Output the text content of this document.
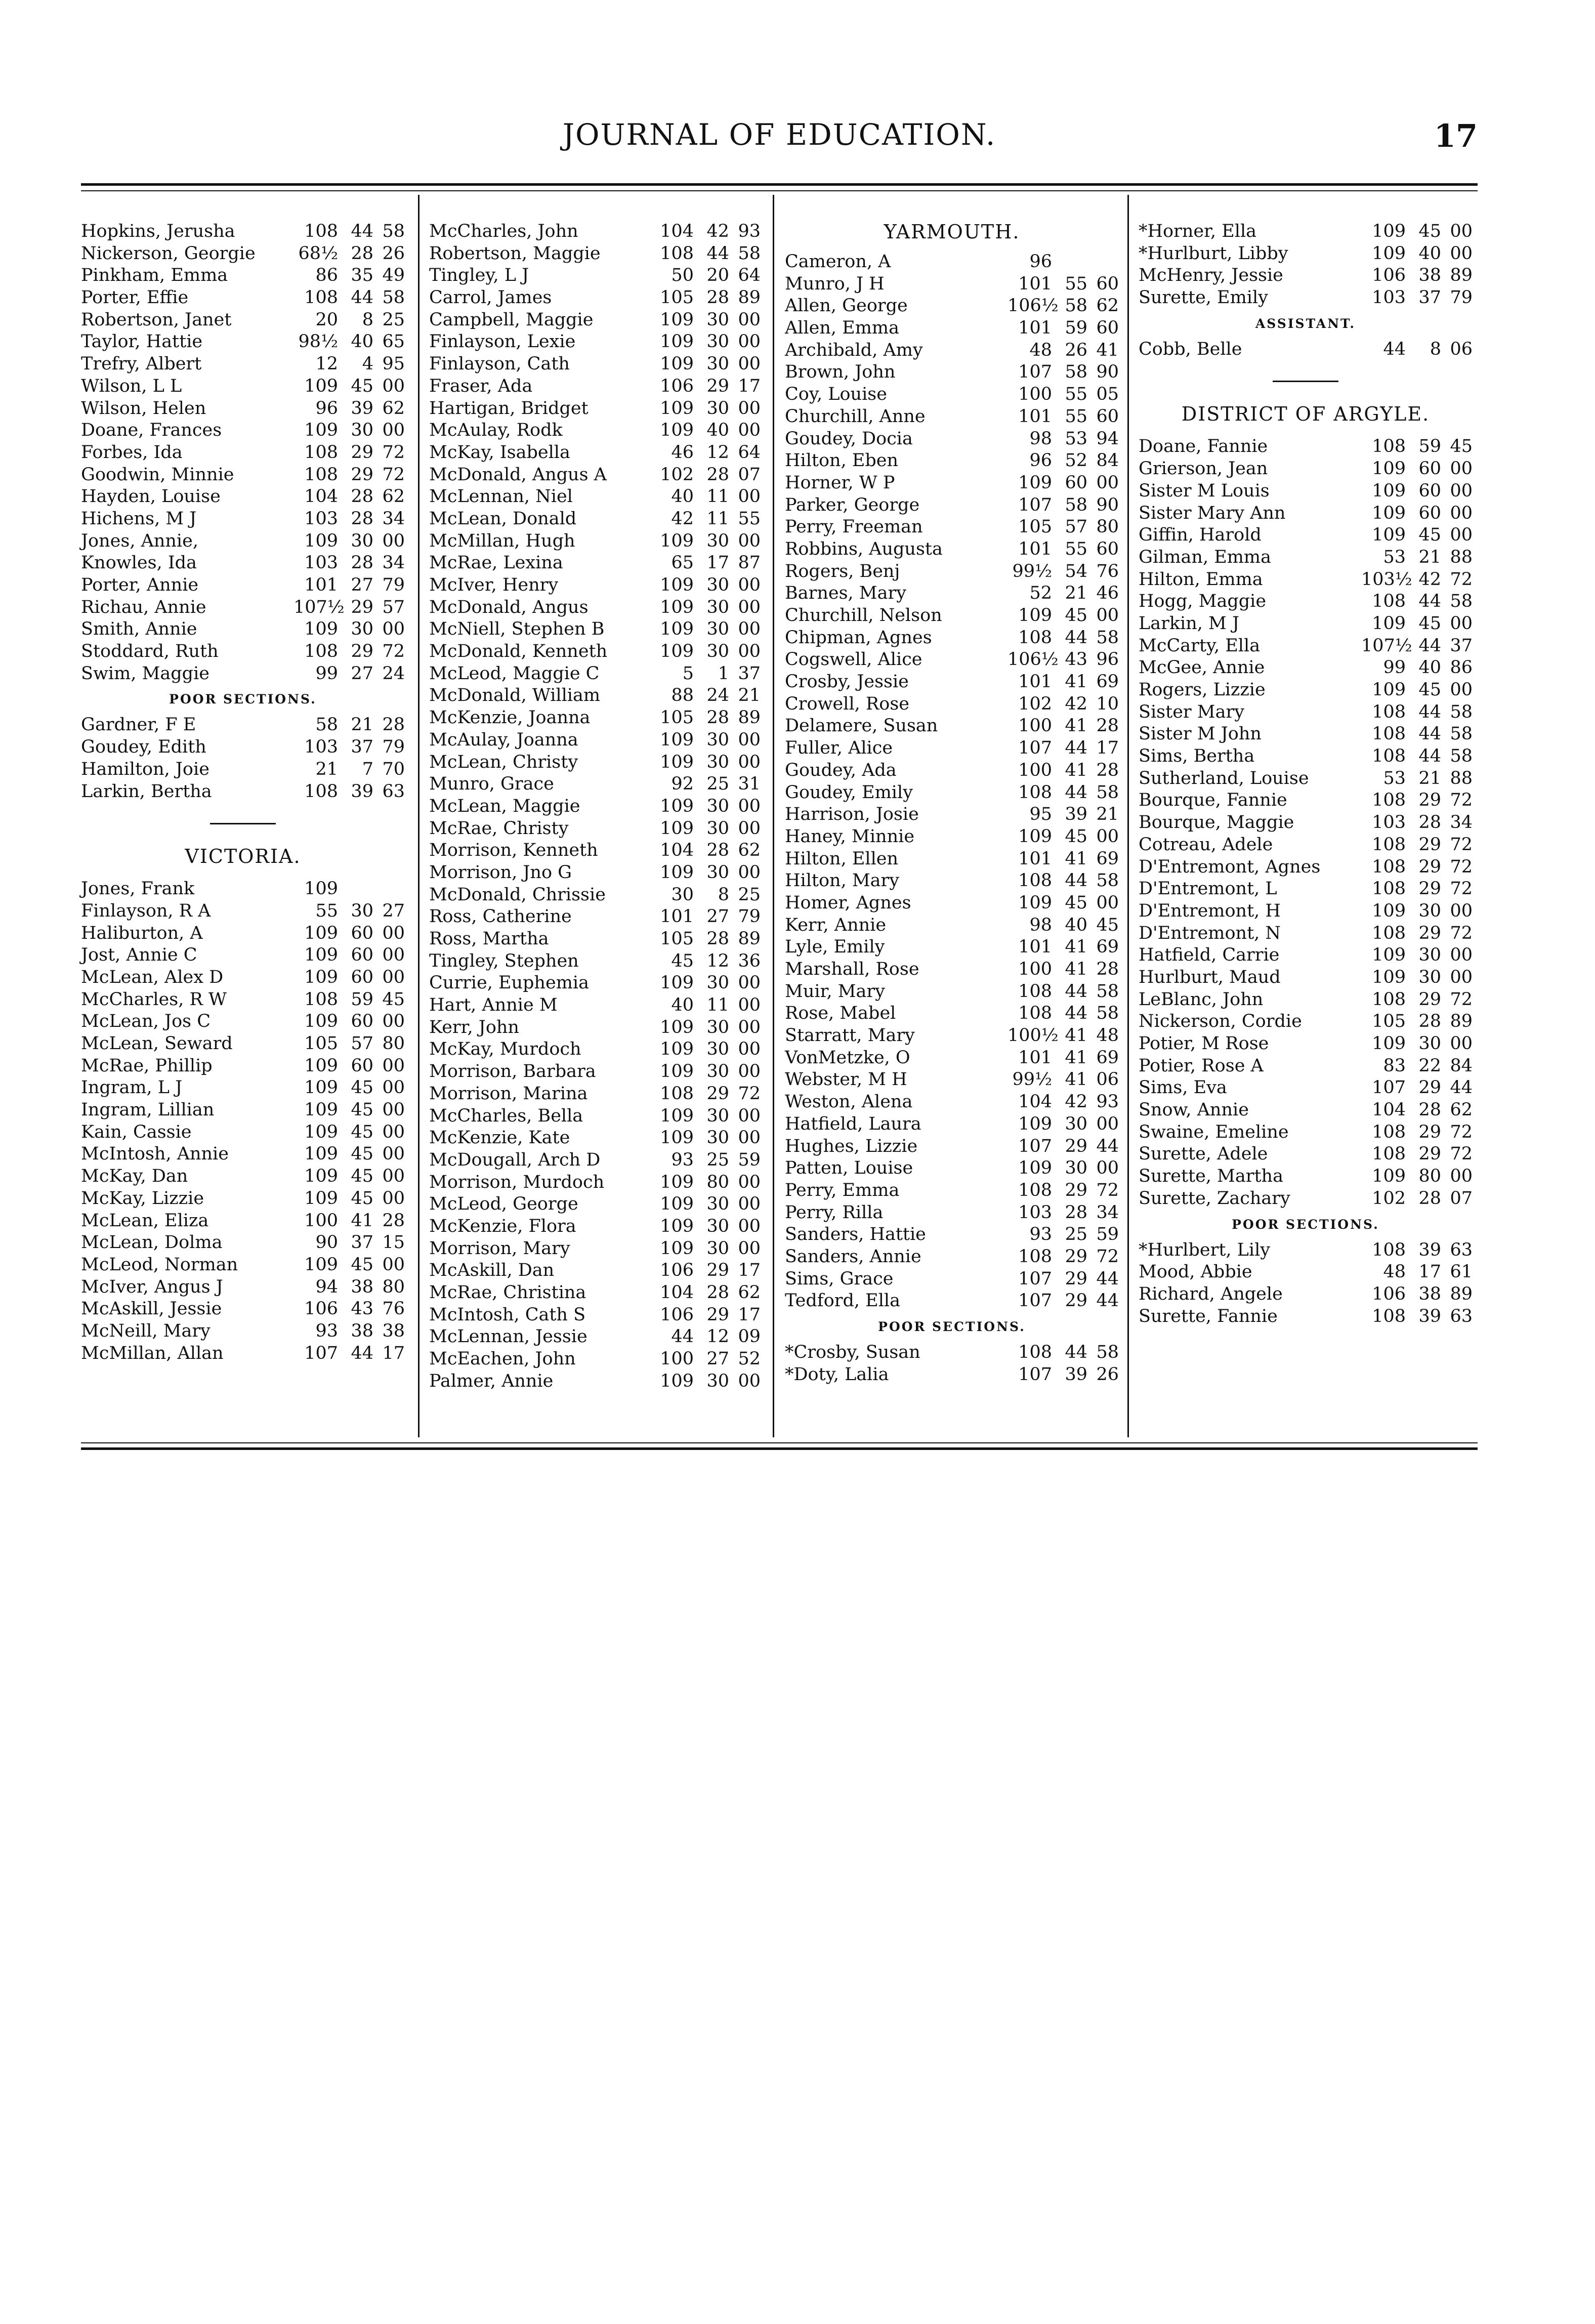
JOURNAL OF EDUCATION.	17
Hopkins, Jerusha	108 44 58
Nickerson, Georgie	68½ 28 26
Pinkham, Emma	86 35 49
Porter, Effie	108 44 58
Robertson, Janet	20	8 25
Taylor, Hattie	98½ 40 65
Trefry, Albert	12	4 95
Wilson, L L	109 45 00
Wilson, Helen	96 39 62
Doane, Frances	109 30 00
Forbes, Ida	108 29 72
Goodwin, Minnie	108 29 72
Hayden, Louise	104 28 62
Hichens, M J	103 28 34
Jones, Annie,	109 30 00
Knowles, Ida	103 28 34
Porter, Annie	101 27 79
Richau, Annie	107½ 29 57
Smith, Annie	109 30 00
Stoddard, Ruth	108 29 72
Swim, Maggie	99 27 24
POOR SECTIONS.
Gardner, F E	58 21 28
Goudey, Edith	103 37 79
Hamilton, Joie	21	7 70
Larkin, Bertha	108 39 63
VICTORIA.
Jones, Frank	109
Finlayson, R A	55 30 27
Haliburton, A	109 60 00
Jost, Annie C	109 60 00
McLean, Alex D	109 60 00
McCharles, R W	108 59 45
McLean, Jos C	109 60 00
McLean, Seward	105 57 80
McRae, Phillip	109 60 00
Ingram, L J	109 45 00
Ingram, Lillian	109 45 00
Kain, Cassie	109 45 00
McIntosh, Annie	109 45 00
McKay, Dan	109 45 00
McKay, Lizzie	109 45 00
McLean, Eliza	100 41 28
McLean, Dolma	90 37 15
McLeod, Norman	109 45 00
McIver, Angus J	94 38 80
McAskill, Jessie	106 43 76
McNeill, Mary	93 38 38
McMillan, Allan	107 44 17
McCharles, John	104 42 93
Robertson, Maggie	108 44 58
Tingley, L J	50 20 64
Carrol, James	105 28 89
Campbell, Maggie	109 30 00
Finlayson, Lexie	109 30 00
Finlayson, Cath	109 30 00
Fraser, Ada	106 29 17
Hartigan, Bridget	109 30 00
McAulay, Rodk	109 40 00
McKay, Isabella	46 12 64
McDonald, Angus A	102 28 07
McLennan, Niel	40 11 00
McLean, Donald	42 11 55
McMillan, Hugh	109 30 00
McRae, Lexina	65 17 87
McIver, Henry	109 30 00
McDonald, Angus	109 30 00
McNiell, Stephen B	109 30 00
McDonald, Kenneth	109 30 00
McLeod, Maggie C	5	1 37
McDonald, William	88 24 21
McKenzie, Joanna	105 28 89
McAulay, Joanna	109 30 00
McLean, Christy	109 30 00
Munro, Grace	92 25 31
McLean, Maggie	109 30 00
McRae, Christy	109 30 00
Morrison, Kenneth	104 28 62
Morrison, Jno G	109 30 00
McDonald, Chrissie	30	8 25
Ross, Catherine	101 27 79
Ross, Martha	105 28 89
Tingley, Stephen	45 12 36
Currie, Euphemia	109 30 00
Hart, Annie M	40 11 00
Kerr, John	109 30 00
McKay, Murdoch	109 30 00
Morrison, Barbara	109 30 00
Morrison, Marina	108 29 72
McCharles, Bella	109 30 00
McKenzie, Kate	109 30 00
McDougall, Arch D	93 25 59
Morrison, Murdoch	109 80 00
McLeod, George	109 30 00
McKenzie, Flora	109 30 00
Morrison, Mary	109 30 00
McAskill, Dan	106 29 17
McRae, Christina	104 28 62
McIntosh, Cath S	106 29 17
McLennan, Jessie	44 12 09
McEachen, John	100 27 52
Palmer, Annie	109 30 00
YARMOUTH.
Cameron, A	96
Munro, J H	101 55 60
Allen, George	106½ 58 62
Allen, Emma	101 59 60
Archibald, Amy	48 26 41
Brown, John	107 58 90
Coy, Louise	100 55 05
Churchill, Anne	101 55 60
Goudey, Docia	98 53 94
Hilton, Eben	96 52 84
Horner, W P	109 60 00
Parker, George	107 58 90
Perry, Freeman	105 57 80
Robbins, Augusta	101 55 60
Rogers, Benj	99½ 54 76
Barnes, Mary	52 21 46
Churchill, Nelson	109 45 00
Chipman, Agnes	108 44 58
Cogswell, Alice	106½ 43 96
Crosby, Jessie	101 41 69
Crowell, Rose	102 42 10
Delamere, Susan	100 41 28
Fuller, Alice	107 44 17
Goudey, Ada	100 41 28
Goudey, Emily	108 44 58
Harrison, Josie	95 39 21
Haney, Minnie	109 45 00
Hilton, Ellen	101 41 69
Hilton, Mary	108 44 58
Homer, Agnes	109 45 00
Kerr, Annie	98 40 45
Lyle, Emily	101 41 69
Marshall, Rose	100 41 28
Muir, Mary	108 44 58
Rose, Mabel	108 44 58
Starratt, Mary	100½ 41 48
VonMetzke, O	101 41 69
Webster, M H	99½ 41 06
Weston, Alena	104 42 93
Hatfield, Laura	109 30 00
Hughes, Lizzie	107 29 44
Patten, Louise	109 30 00
Perry, Emma	108 29 72
Perry, Rilla	103 28 34
Sanders, Hattie	93 25 59
Sanders, Annie	108 29 72
Sims, Grace	107 29 44
Tedford, Ella	107 29 44
POOR SECTIONS.
*Crosby, Susan	108 44 58
*Doty, Lalia	107 39 26
*Horner, Ella	109 45 00
*Hurlburt, Libby	109 40 00
McHenry, Jessie	106 38 89
Surette, Emily	103 37 79
ASSISTANT.
Cobb, Belle	44	8 06
DISTRICT OF ARGYLE.
Doane, Fannie	108 59 45
Grierson, Jean	109 60 00
Sister M Louis	109 60 00
Sister Mary Ann	109 60 00
Giffin, Harold	109 45 00
Gilman, Emma	53 21 88
Hilton, Emma	103½ 42 72
Hogg, Maggie	108 44 58
Larkin, M J	109 45 00
McCarty, Ella	107½ 44 37
McGee, Annie	99 40 86
Rogers, Lizzie	109 45 00
Sister Mary	108 44 58
Sister M John	108 44 58
Sims, Bertha	108 44 58
Sutherland, Louise	53 21 88
Bourque, Fannie	108 29 72
Bourque, Maggie	103 28 34
Cotreau, Adele	108 29 72
D'Entremont, Agnes	108 29 72
D'Entremont, L	108 29 72
D'Entremont, H	109 30 00
D'Entremont, N	108 29 72
Hatfield, Carrie	109 30 00
Hurlburt, Maud	109 30 00
LeBlanc, John	108 29 72
Nickerson, Cordie	105 28 89
Potier, M Rose	109 30 00
Potier, Rose A	83 22 84
Sims, Eva	107 29 44
Snow, Annie	104 28 62
Swaine, Emeline	108 29 72
Surette, Adele	108 29 72
Surette, Martha	109 80 00
Surette, Zachary	102 28 07
POOR SECTIONS.
*Hurlbert, Lily	108 39 63
Mood, Abbie	48 17 61
Richard, Angele	106 38 89
Surette, Fannie	108 39 63
